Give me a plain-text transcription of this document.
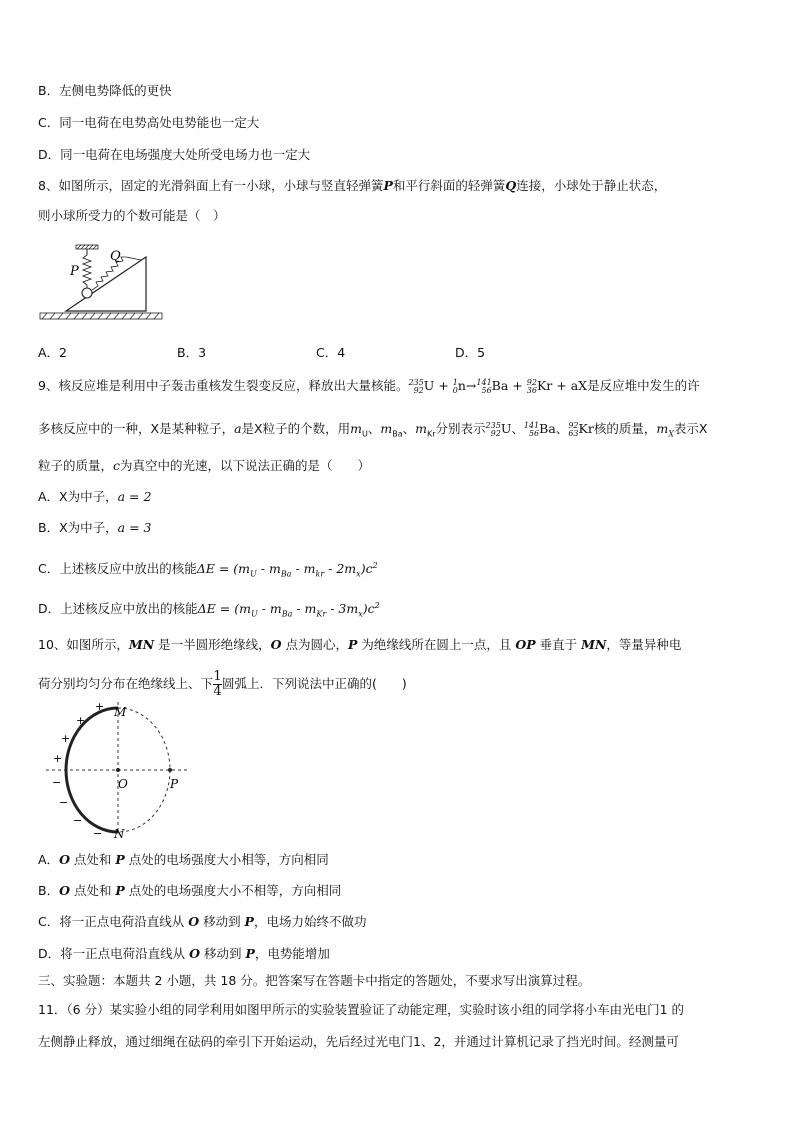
B．左侧电势降低的更快
C．同一电荷在电势高处电势能也一定大
D．同一电荷在电场强度大处所受电场力也一定大
8、如图所示，固定的光滑斜面上有一小球，小球与竖直轻弹簧P和平行斜面的轻弹簧Q连接，小球处于静止状态，
则小球所受力的个数可能是（　）
P
Q
A．2	B．3	C．4	D．5
9、核反应堆是利用中子轰击重核发生裂变反应，释放出大量核能。 235
92 U + 1
0 n→ 141
56 Ba + 92
36 Kr + aX是反应堆中发生的许
多核反应中的一种，X是某种粒子，a是X粒子的个数，用$m_U$、$m_{Ba}$、$m_{Kr}$分别表示 235
92 U、 141
56 Ba、 92
63 Kr核的质量，$m_X$表示X
粒子的质量，c为真空中的光速，以下说法正确的是（　　）
A．X为中子，a = 2
B．X为中子，a = 3
C．上述核反应中放出的核能$\Delta E = (m_U - m_{Ba} - m_{kr} - 2m_x)c^2$
D．上述核反应中放出的核能$\Delta E = (m_U - m_{Ba} - m_{Kr} - 3m_x)c^2$
10、如图所示，MN 是一半圆形绝缘线，O 点为圆心，P 为绝缘线所在圆上一点，且 OP 垂直于 MN，等量异种电
荷分别均匀分布在绝缘线上、下 $\frac{1}{4}$ 圆弧上．下列说法中正确的(　　)
O	P
M
N
+
+
+
+
−
−
−
−
A．O 点处和 P 点处的电场强度大小相等，方向相同
B．O 点处和 P 点处的电场强度大小不相等，方向相同
C．将一正点电荷沿直线从 O 移动到 P，电场力始终不做功
D．将一正点电荷沿直线从 O 移动到 P，电势能增加
三、实验题：本题共 2 小题，共 18 分。把答案写在答题卡中指定的答题处，不要求写出演算过程。
11．（6 分）某实验小组的同学利用如图甲所示的实验装置验证了动能定理，实验时该小组的同学将小车由光电门1 的
左侧静止释放，通过细绳在砝码的牵引下开始运动，先后经过光电门1、2，并通过计算机记录了挡光时间。经测量可
